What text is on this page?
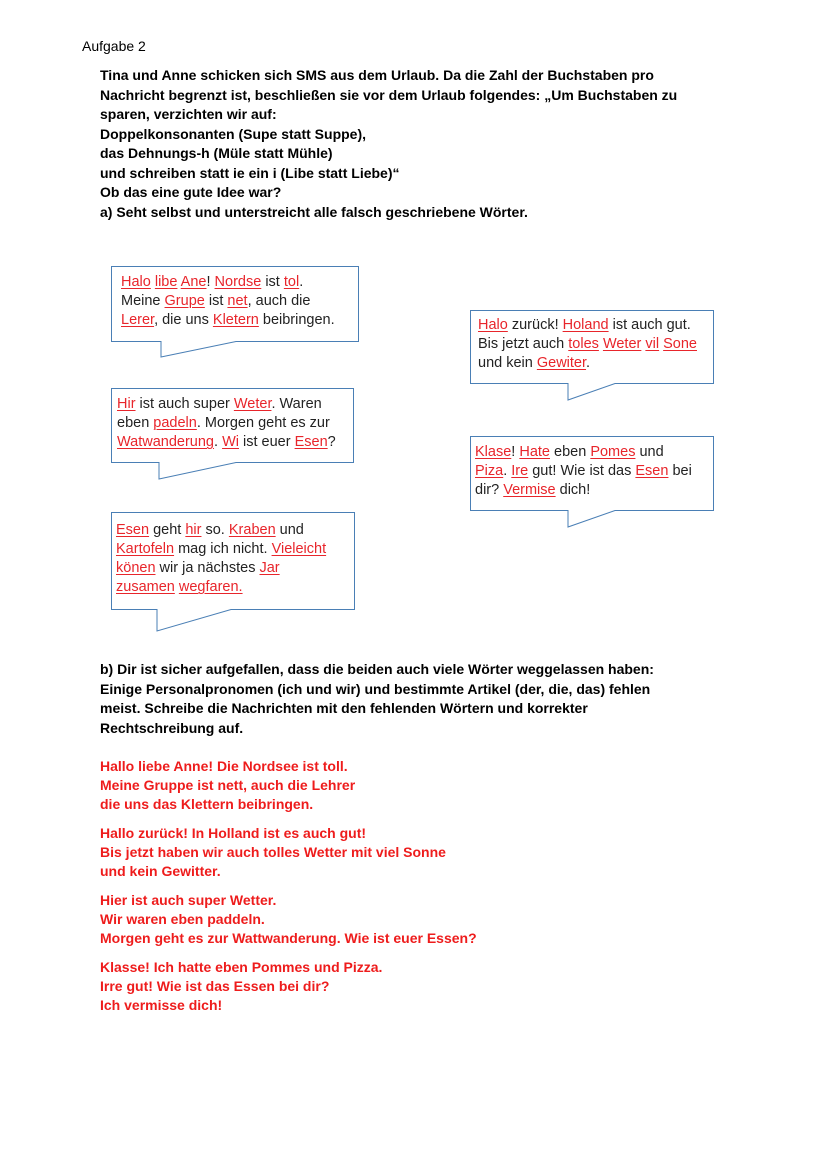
Aufgabe 2
Tina und Anne schicken sich SMS aus dem Urlaub. Da die Zahl der Buchstaben pro
Nachricht begrenzt ist, beschließen sie vor dem Urlaub folgendes: „Um Buchstaben zu
sparen, verzichten wir auf:
Doppelkonsonanten (Supe statt Suppe),
das Dehnungs-h (Müle statt Mühle)
und schreiben statt ie ein i (Libe statt Liebe)“
Ob das eine gute Idee war?
a) Seht selbst und unterstreicht alle falsch geschriebene Wörter.
Halo libe Ane! Nordse ist tol.
Meine Grupe ist net, auch die
Lerer, die uns Kletern beibringen.	Halo zurück! Holand ist auch gut.
Bis jetzt auch toles Weter vil Sone
und kein Gewiter.
Hir ist auch super Weter. Waren
eben padeln. Morgen geht es zur
Watwanderung. Wi ist euer Esen?
Klase! Hate eben Pomes und
Piza. Ire gut! Wie ist das Esen bei
dir? Vermise dich!
Esen geht hir so. Kraben und
Kartofeln mag ich nicht. Vieleicht
könen wir ja nächstes Jar
zusamen wegfaren.
b) Dir ist sicher aufgefallen, dass die beiden auch viele Wörter weggelassen haben:
Einige Personalpronomen (ich und wir) und bestimmte Artikel (der, die, das) fehlen
meist. Schreibe die Nachrichten mit den fehlenden Wörtern und korrekter
Rechtschreibung auf.
Hallo liebe Anne! Die Nordsee ist toll.
Meine Gruppe ist nett, auch die Lehrer
die uns das Klettern beibringen.
Hallo zurück! In Holland ist es auch gut!
Bis jetzt haben wir auch tolles Wetter mit viel Sonne
und kein Gewitter.
Hier ist auch super Wetter.
Wir waren eben paddeln.
Morgen geht es zur Wattwanderung. Wie ist euer Essen?
Klasse! Ich hatte eben Pommes und Pizza.
Irre gut! Wie ist das Essen bei dir?
Ich vermisse dich!
